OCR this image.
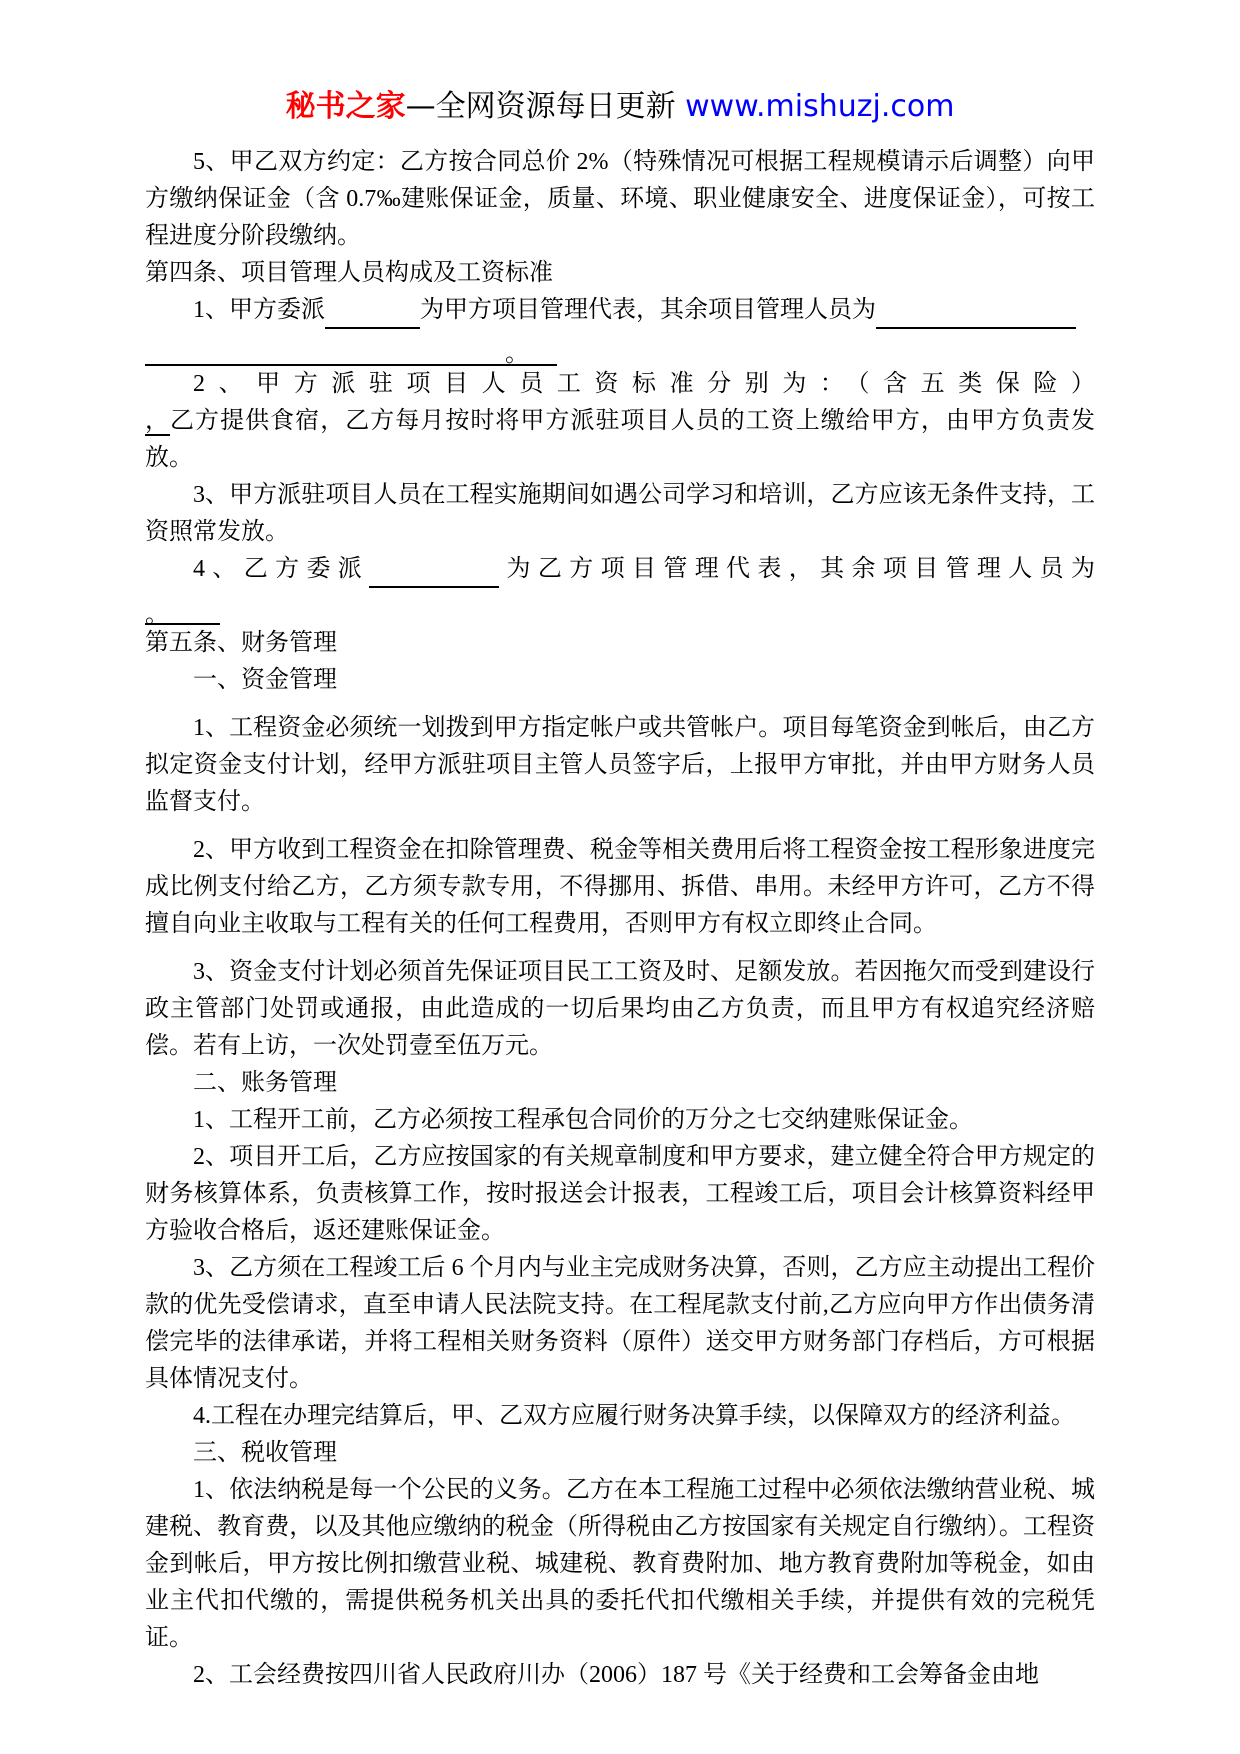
秘书之家—全网资源每日更新 www.mishuzj.com

5、甲乙双方约定：乙方按合同总价 2%（特殊情况可根据工程规模请示后调整）向甲方缴纳保证金（含 0.7‰建账保证金，质量、环境、职业健康安全、进度保证金），可按工程进度分阶段缴纳。

第四条、项目管理人员构成及工资标准

1、甲方委派	为甲方项目管理代表，其余项目管理人员为

。

2、甲方派驻项目人员工资标准分别为：（含五类保险）

，乙方提供食宿，乙方每月按时将甲方派驻项目人员的工资上缴给甲方，由甲方负责发放。

3、甲方派驻项目人员在工程实施期间如遇公司学习和培训，乙方应该无条件支持，工资照常发放。

4、乙方委派	为乙方项目管理代表，其余项目管理人员为

。

第五条、财务管理

一、资金管理

1、工程资金必须统一划拨到甲方指定帐户或共管帐户。项目每笔资金到帐后，由乙方拟定资金支付计划，经甲方派驻项目主管人员签字后，上报甲方审批，并由甲方财务人员监督支付。

2、甲方收到工程资金在扣除管理费、税金等相关费用后将工程资金按工程形象进度完成比例支付给乙方，乙方须专款专用，不得挪用、拆借、串用。未经甲方许可，乙方不得擅自向业主收取与工程有关的任何工程费用，否则甲方有权立即终止合同。

3、资金支付计划必须首先保证项目民工工资及时、足额发放。若因拖欠而受到建设行政主管部门处罚或通报，由此造成的一切后果均由乙方负责，而且甲方有权追究经济赔偿。若有上访，一次处罚壹至伍万元。

二、账务管理

1、工程开工前，乙方必须按工程承包合同价的万分之七交纳建账保证金。

2、项目开工后，乙方应按国家的有关规章制度和甲方要求，建立健全符合甲方规定的财务核算体系，负责核算工作，按时报送会计报表，工程竣工后，项目会计核算资料经甲方验收合格后，返还建账保证金。

3、乙方须在工程竣工后 6 个月内与业主完成财务决算，否则，乙方应主动提出工程价款的优先受偿请求，直至申请人民法院支持。在工程尾款支付前,乙方应向甲方作出债务清偿完毕的法律承诺，并将工程相关财务资料（原件）送交甲方财务部门存档后，方可根据具体情况支付。

4.工程在办理完结算后，甲、乙双方应履行财务决算手续，以保障双方的经济利益。

三、税收管理

1、依法纳税是每一个公民的义务。乙方在本工程施工过程中必须依法缴纳营业税、城建税、教育费，以及其他应缴纳的税金（所得税由乙方按国家有关规定自行缴纳）。工程资金到帐后，甲方按比例扣缴营业税、城建税、教育费附加、地方教育费附加等税金，如由业主代扣代缴的，需提供税务机关出具的委托代扣代缴相关手续，并提供有效的完税凭证。

2、工会经费按四川省人民政府川办（2006）187 号《关于经费和工会筹备金由地
